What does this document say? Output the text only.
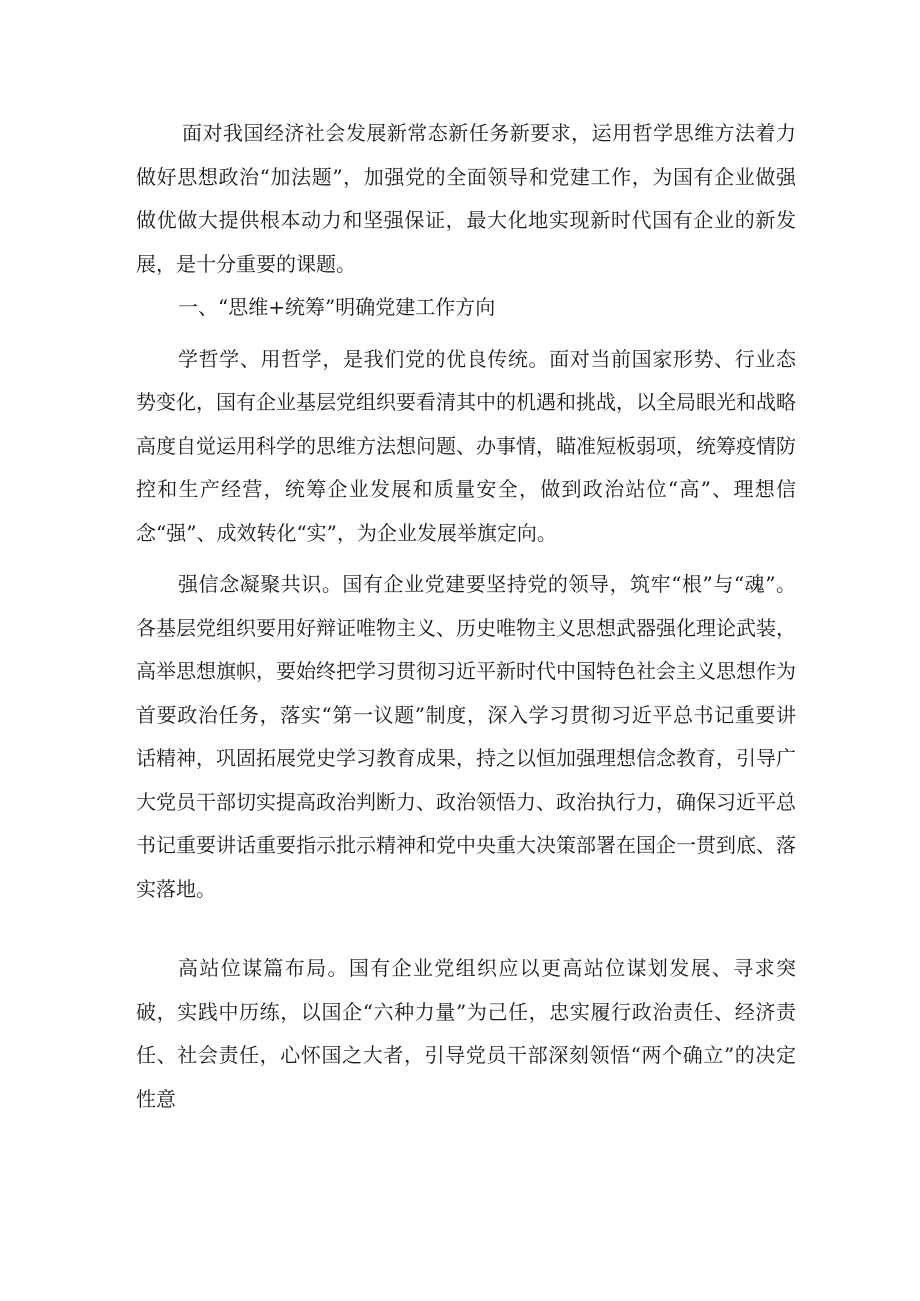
面对我国经济社会发展新常态新任务新要求，运用哲学思维方法着力做好思想政治“加法题”，加强党的全面领导和党建工作，为国有企业做强做优做大提供根本动力和坚强保证，最大化地实现新时代国有企业的新发展，是十分重要的课题。

一、“思维+统筹”明确党建工作方向

学哲学、用哲学，是我们党的优良传统。面对当前国家形势、行业态势变化，国有企业基层党组织要看清其中的机遇和挑战，以全局眼光和战略高度自觉运用科学的思维方法想问题、办事情，瞄准短板弱项，统筹疫情防控和生产经营，统筹企业发展和质量安全，做到政治站位“高”、理想信念“强”、成效转化“实”，为企业发展举旗定向。

强信念凝聚共识。国有企业党建要坚持党的领导，筑牢“根”与“魂”。各基层党组织要用好辩证唯物主义、历史唯物主义思想武器强化理论武装，高举思想旗帜，要始终把学习贯彻习近平新时代中国特色社会主义思想作为首要政治任务，落实“第一议题”制度，深入学习贯彻习近平总书记重要讲话精神，巩固拓展党史学习教育成果，持之以恒加强理想信念教育，引导广大党员干部切实提高政治判断力、政治领悟力、政治执行力，确保习近平总书记重要讲话重要指示批示精神和党中央重大决策部署在国企一贯到底、落实落地。

高站位谋篇布局。国有企业党组织应以更高站位谋划发展、寻求突破，实践中历练，以国企“六种力量”为己任，忠实履行政治责任、经济责任、社会责任，心怀国之大者，引导党员干部深刻领悟“两个确立”的决定性意
